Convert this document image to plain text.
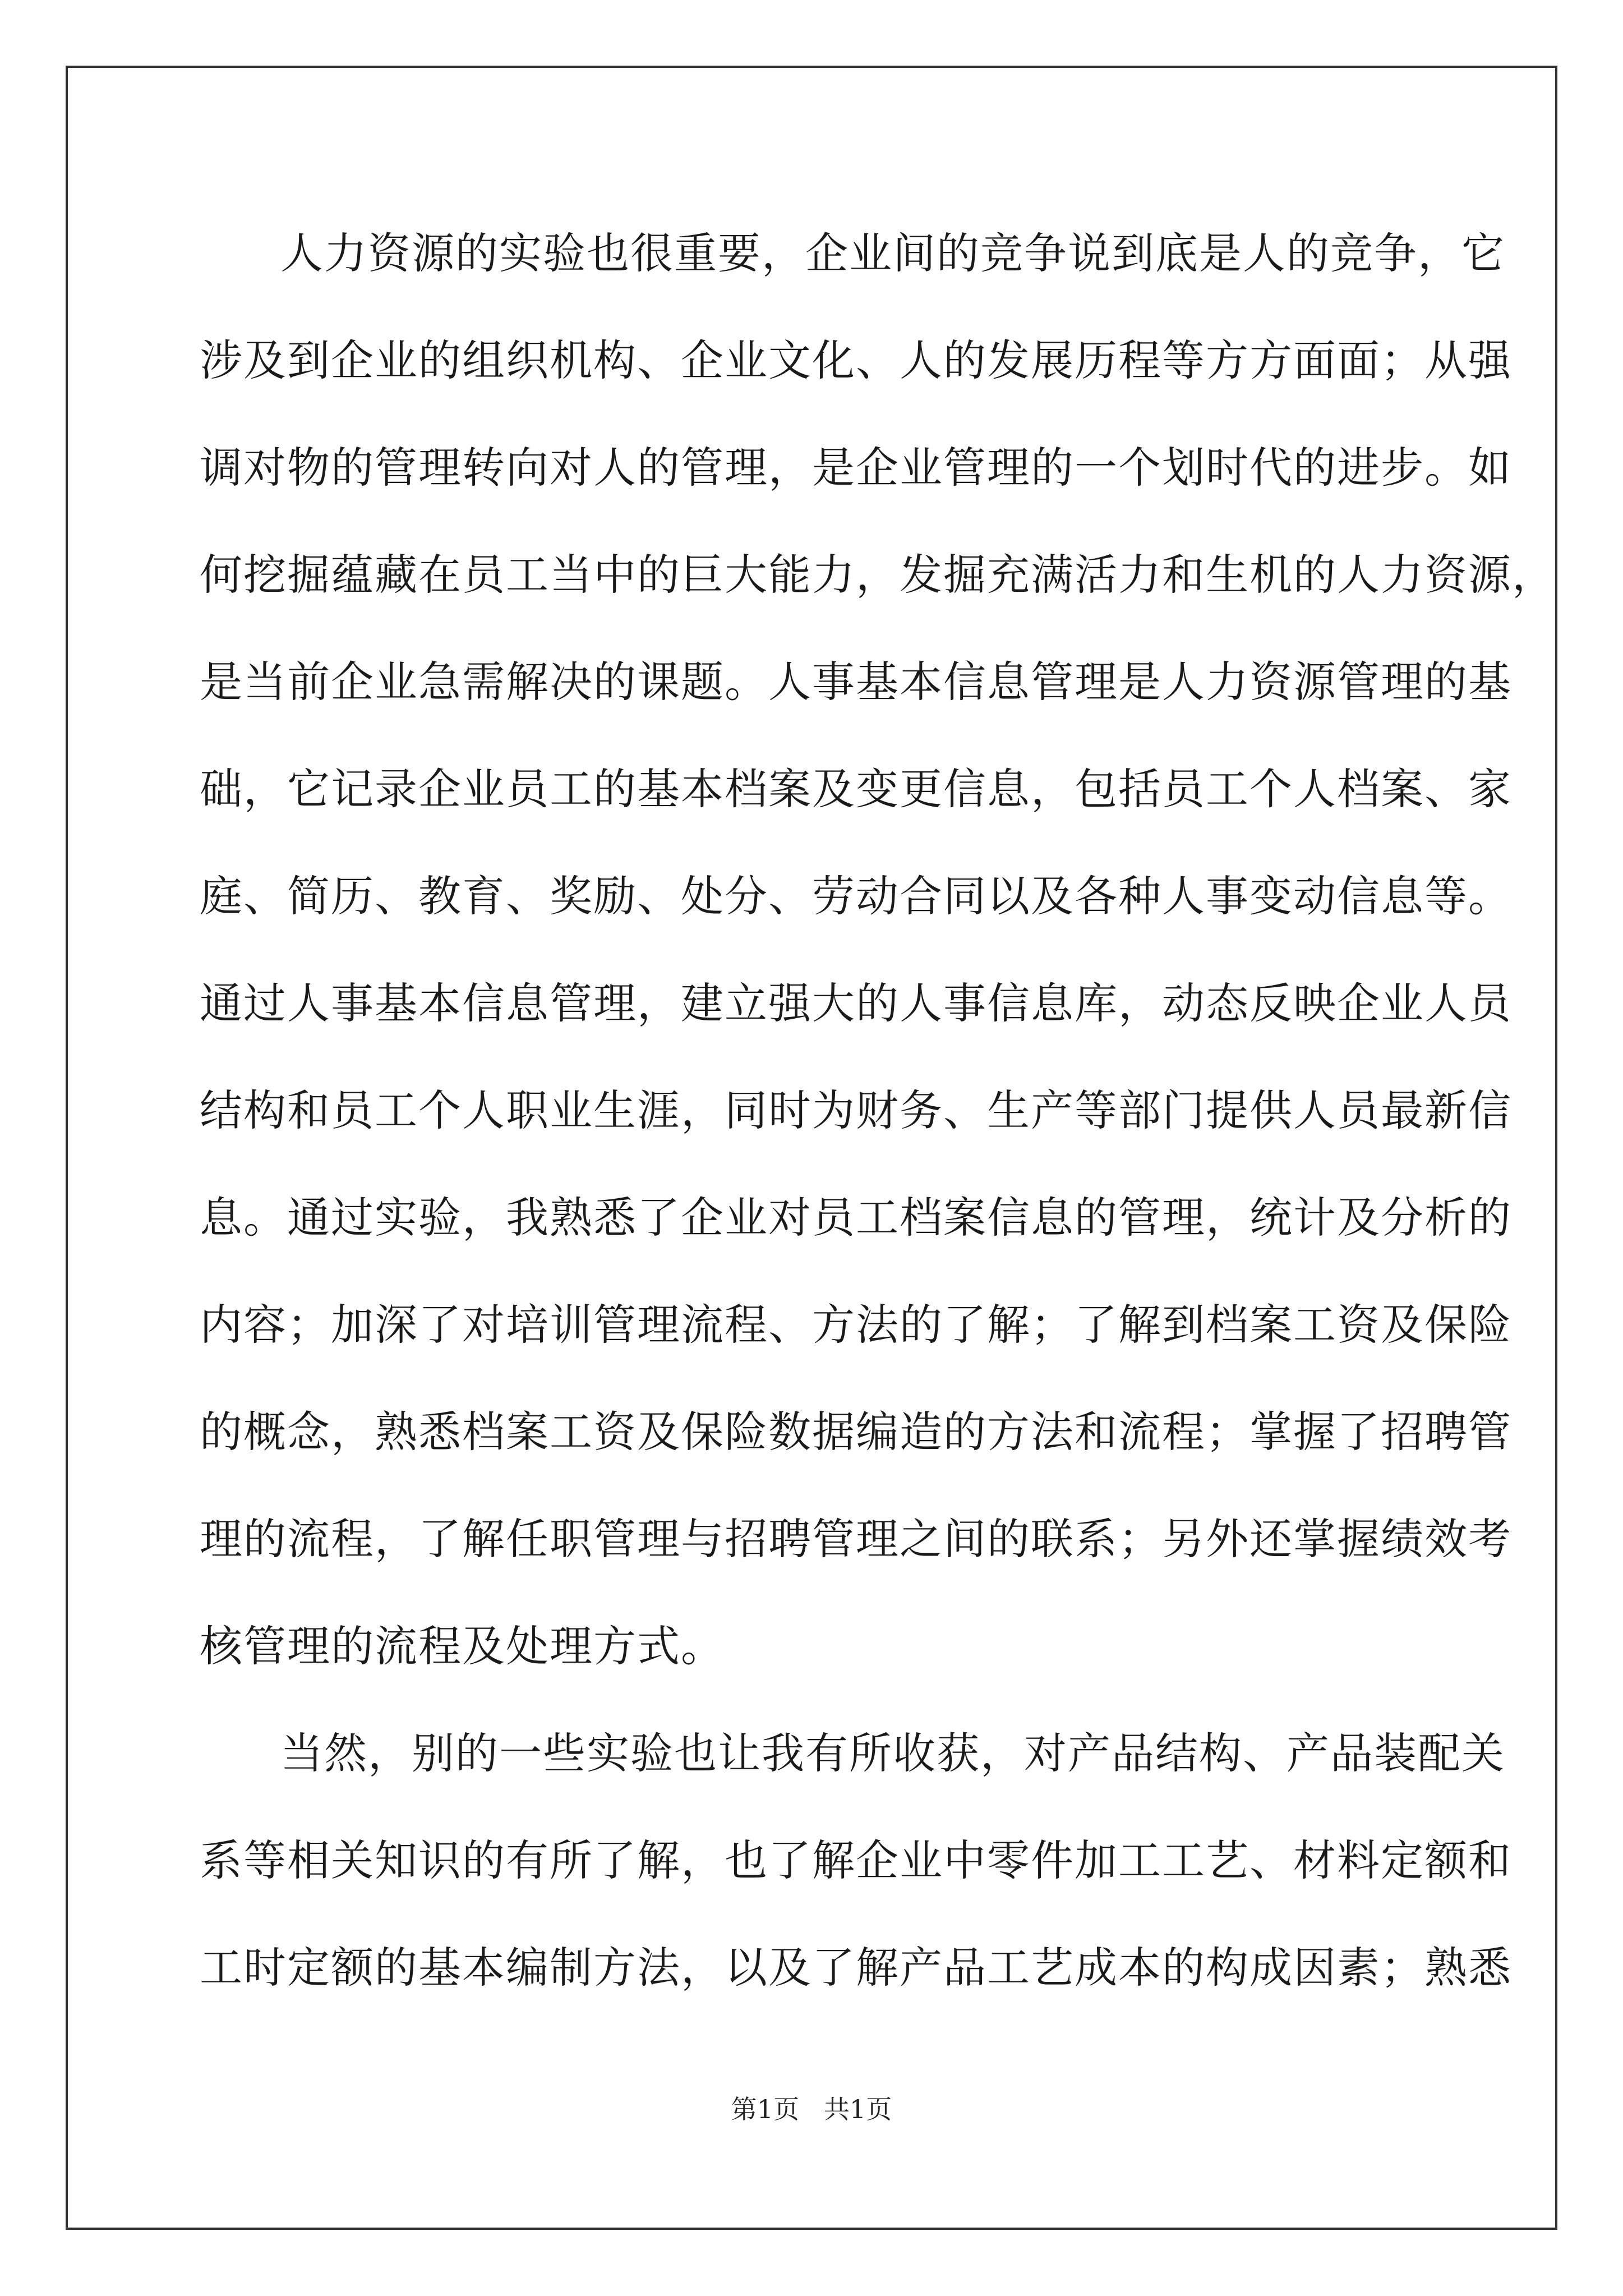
人力资源的实验也很重要，企业间的竞争说到底是人的竞争，它
涉及到企业的组织机构、企业文化、人的发展历程等方方面面；从强
调对物的管理转向对人的管理，是企业管理的一个划时代的进步。如
何挖掘蕴藏在员工当中的巨大能力，发掘充满活力和生机的人力资源，
是当前企业急需解决的课题。人事基本信息管理是人力资源管理的基
础，它记录企业员工的基本档案及变更信息，包括员工个人档案、家
庭、简历、教育、奖励、处分、劳动合同以及各种人事变动信息等。
通过人事基本信息管理，建立强大的人事信息库，动态反映企业人员
结构和员工个人职业生涯，同时为财务、生产等部门提供人员最新信
息。通过实验，我熟悉了企业对员工档案信息的管理，统计及分析的
内容；加深了对培训管理流程、方法的了解；了解到档案工资及保险
的概念，熟悉档案工资及保险数据编造的方法和流程；掌握了招聘管
理的流程，了解任职管理与招聘管理之间的联系；另外还掌握绩效考
核管理的流程及处理方式。
当然，别的一些实验也让我有所收获，对产品结构、产品装配关
系等相关知识的有所了解，也了解企业中零件加工工艺、材料定额和
工时定额的基本编制方法，以及了解产品工艺成本的构成因素；熟悉
第1页   共1页
